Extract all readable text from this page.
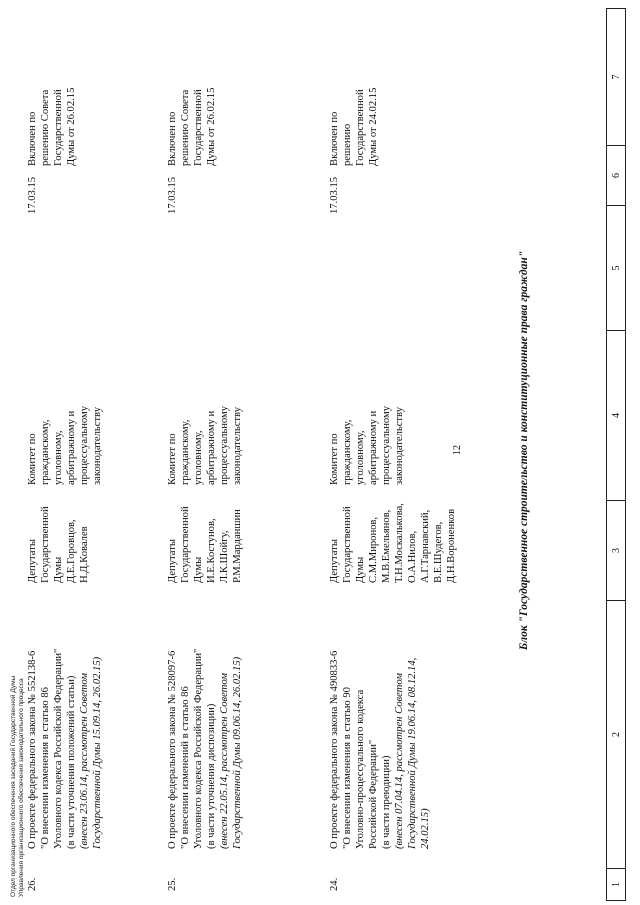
12
1
2
3
4
5
6
7
Блок "Государственное строительство и конституционные права граждан"
24.
О проекте федерального закона № 490833-6 "О внесении изменения в статью 90 Уголовно-процессуального кодекса Российской Федерации" (в части преюдиции) (внесен 07.04.14, рассмотрен Советом Государственной Думы 19.06.14, 08.12.14, 24.02.15)
Депутаты Государственной Думы С.М.Миронов, М.В.Емельянов, Т.Н.Москалькова, О.А.Нилов, А.Г.Тарнавский, В.Е.Шудегов, Д.Н.Вороненков
Комитет по гражданскому, уголовному, арбитражному и процессуальному законодательству
17.03.15
Включен по решению Государственной Думы от 24.02.15
25.
О проекте федерального закона № 528097-6 "О внесении изменений в статью 86 Уголовного кодекса Российской Федерации" (в части уточнения диспозиции) (внесен 22.05.14, рассмотрен Советом Государственной Думы 09.06.14, 26.02.15)
Депутаты Государственной Думы И.Е.Костунов, Л.К.Шойгу, Р.М.Марданшин
Комитет по гражданскому, уголовному, арбитражному и процессуальному законодательству
17.03.15
Включен по решению Совета Государственной Думы от 26.02.15
26.
О проекте федерального закона № 552138-6 "О внесении изменения в статью 86 Уголовного кодекса Российской Федерации" (в части уточнения положений статьи) (внесен 23.06.14, рассмотрен Советом Государственной Думы 15.09.14, 26.02.15)
Депутаты Государственной Думы Д.Е.Горовцов, Н.Д.Ковалев
Комитет по гражданскому, уголовному, арбитражному и процессуальному законодательству
17.03.15
Включен по решению Совета Государственной Думы от 26.02.15
Отдел организационного обеспечения заседаний Государственной Думы Управления организационного обеспечения законодательного процесса
